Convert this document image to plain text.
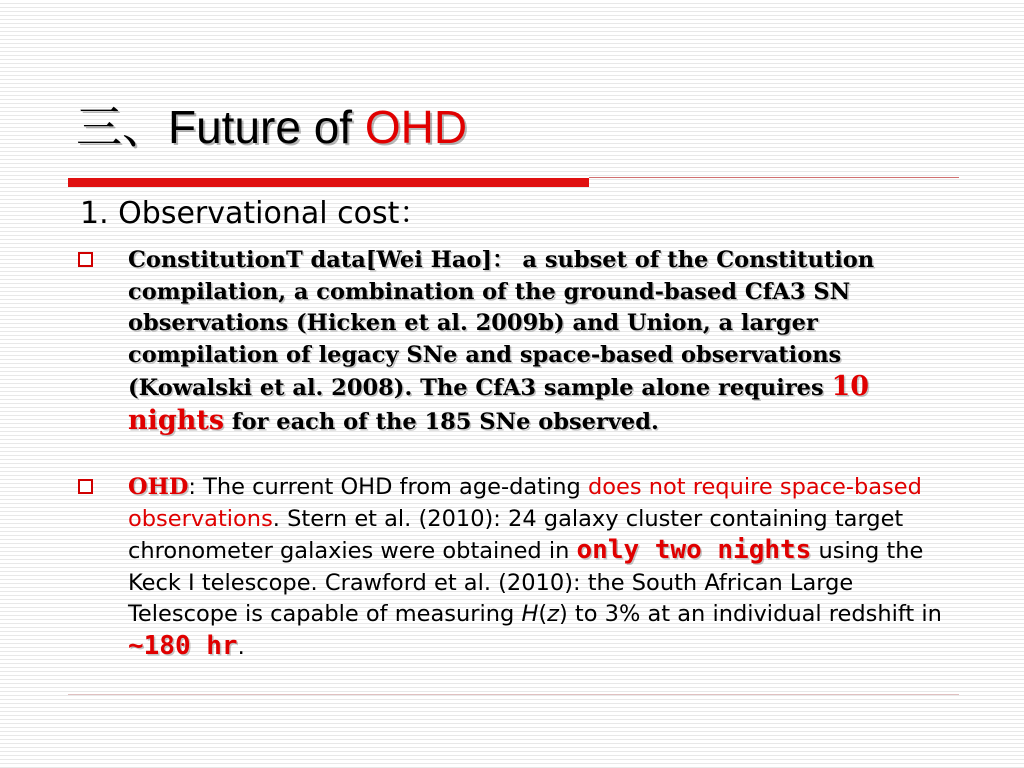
三、Future of OHD
1. Observational cost：
ConstitutionT data[Wei Hao]： a subset of the Constitution compilation, a combination of the ground-based CfA3 SN observations (Hicken et al. 2009b) and Union, a larger compilation of legacy SNe and space-based observations (Kowalski et al. 2008). The CfA3 sample alone requires 10 nights for each of the 185 SNe observed.
OHD: The current OHD from age-dating does not require space-based observations. Stern et al. (2010): 24 galaxy cluster containing target chronometer galaxies were obtained in only two nights using the Keck I telescope. Crawford et al. (2010): the South African Large Telescope is capable of measuring H(z) to 3% at an individual redshift in ~180 hr.
